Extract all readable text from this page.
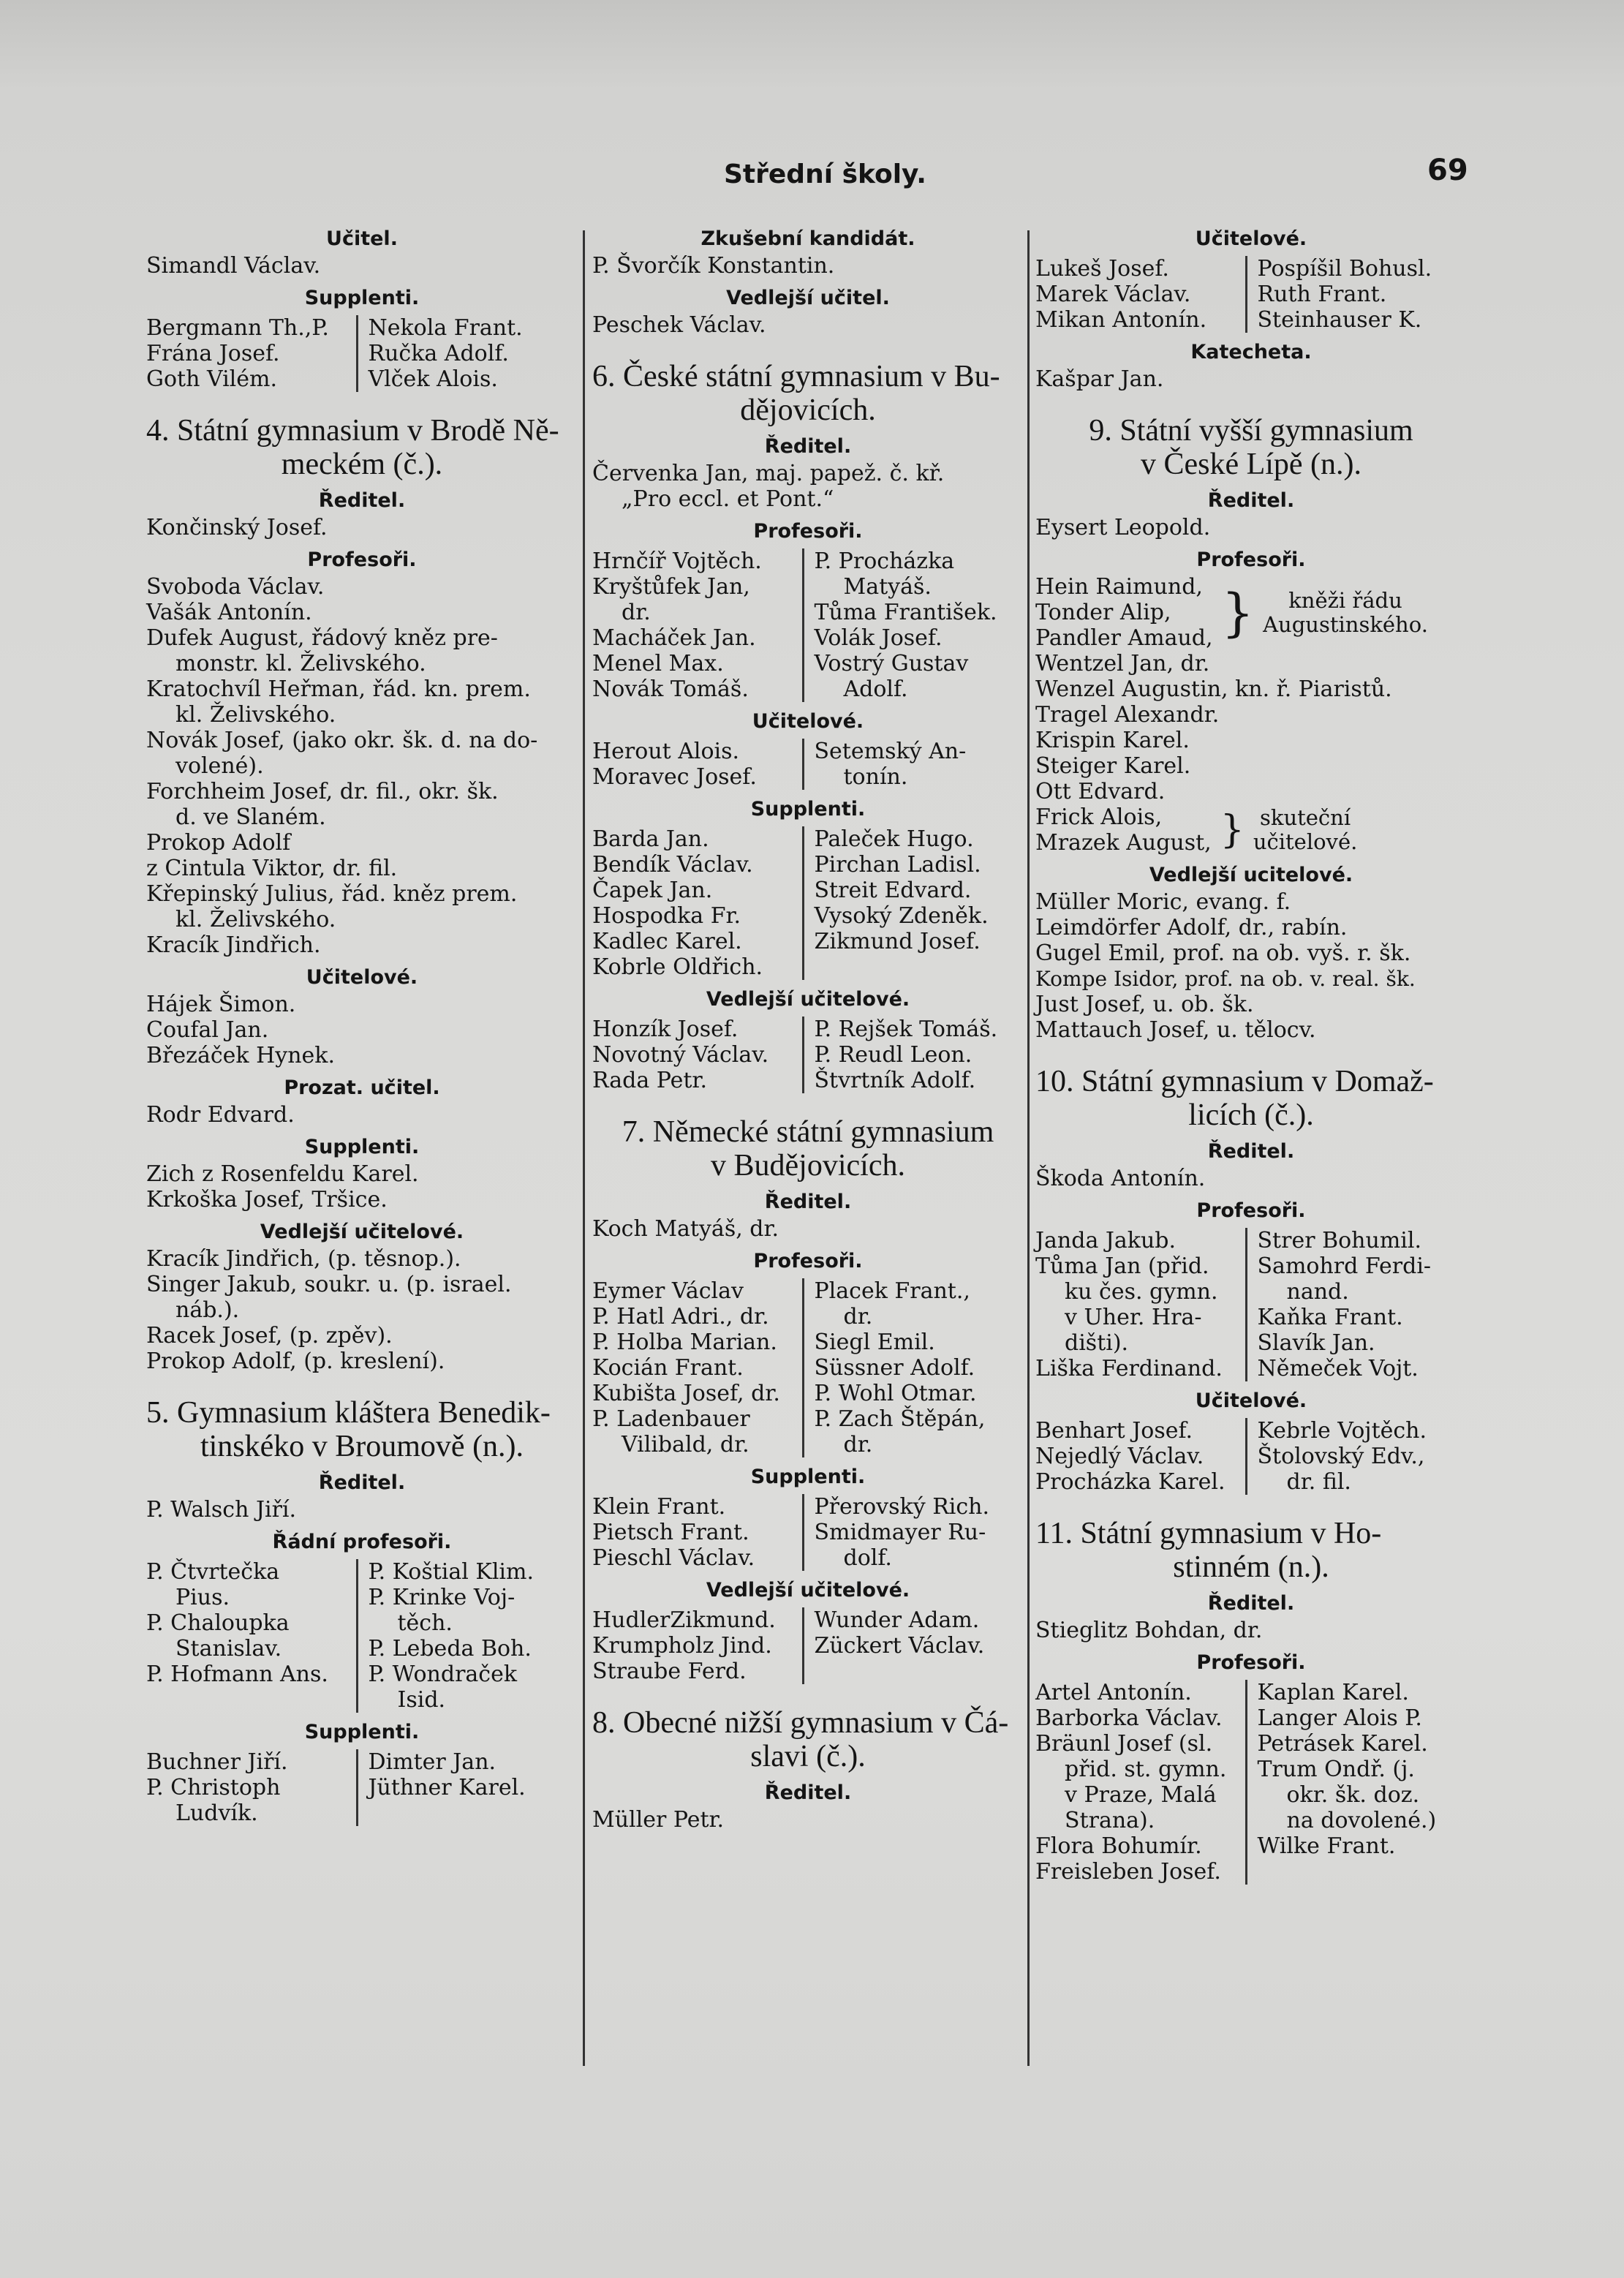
Střední školy.	69
Učitel.
Simandl Václav.
Supplenti.
Bergmann Th.,P.
Frána Josef.
Goth Vilém.
Nekola Frant.
Ručka Adolf.
Vlček Alois.
4. Státní gymnasium v Brodě Ně-
meckém (č.).
Ředitel.
Končinský Josef.
Profesoři.
Svoboda Václav.
Vašák Antonín.
Dufek August, řádový kněz pre-
monstr. kl. Želivského.
Kratochvíl Heřman, řád. kn. prem.
kl. Želivského.
Novák Josef, (jako okr. šk. d. na do-
volené).
Forchheim Josef, dr. fil., okr. šk.
d. ve Slaném.
Prokop Adolf
z Cintula Viktor, dr. fil.
Křepinský Julius, řád. kněz prem.
kl. Želivského.
Kracík Jindřich.
Učitelové.
Hájek Šimon.
Coufal Jan.
Březáček Hynek.
Prozat. učitel.
Rodr Edvard.
Supplenti.
Zich z Rosenfeldu Karel.
Krkoška Josef, Tršice.
Vedlejší učitelové.
Kracík Jindřich, (p. těsnop.).
Singer Jakub, soukr. u. (p. israel.
náb.).
Racek Josef, (p. zpěv).
Prokop Adolf, (p. kreslení).
5. Gymnasium kláštera Benedik-
tinskéko v Broumově (n.).
Ředitel.
P. Walsch Jiří.
Řádní profesoři.
P. Čtvrtečka
Pius.
P. Chaloupka
Stanislav.
P. Hofmann Ans.
P. Koštial Klim.
P. Krinke Voj-
těch.
P. Lebeda Boh.
P. Wondraček
Isid.
Supplenti.
Buchner Jiří.
P. Christoph
Ludvík.
Dimter Jan.
Jüthner Karel.
Zkušební kandidát.
P. Švorčík Konstantin.
Vedlejší učitel.
Peschek Václav.
6. České státní gymnasium v Bu-
dějovicích.
Ředitel.
Červenka Jan, maj. papež. č. kř.
„Pro eccl. et Pont.“
Profesoři.
Hrnčíř Vojtěch.
Kryštůfek Jan,
dr.
Macháček Jan.
Menel Max.
Novák Tomáš.
P. Procházka
Matyáš.
Tůma František.
Volák Josef.
Vostrý Gustav
Adolf.
Učitelové.
Herout Alois.
Moravec Josef.
Setemský An-
tonín.
Supplenti.
Barda Jan.
Bendík Václav.
Čapek Jan.
Hospodka Fr.
Kadlec Karel.
Kobrle Oldřich.
Paleček Hugo.
Pirchan Ladisl.
Streit Edvard.
Vysoký Zdeněk.
Zikmund Josef.
Vedlejší učitelové.
Honzík Josef.
Novotný Václav.
Rada Petr.
P. Rejšek Tomáš.
P. Reudl Leon.
Štvrtník Adolf.
7. Německé státní gymnasium
v Budějovicích.
Ředitel.
Koch Matyáš, dr.
Profesoři.
Eymer Václav
P. Hatl Adri., dr.
P. Holba Marian.
Kocián Frant.
Kubišta Josef, dr.
P. Ladenbauer
Vilibald, dr.
Placek Frant.,
dr.
Siegl Emil.
Süssner Adolf.
P. Wohl Otmar.
P. Zach Štěpán,
dr.
Supplenti.
Klein Frant.
Pietsch Frant.
Pieschl Václav.
Přerovský Rich.
Smidmayer Ru-
dolf.
Vedlejší učitelové.
HudlerZikmund.
Krumpholz Jind.
Straube Ferd.
Wunder Adam.
Zückert Václav.
8. Obecné nižší gymnasium v Čá-
slavi (č.).
Ředitel.
Müller Petr.
Učitelové.
Lukeš Josef.
Marek Václav.
Mikan Antonín.
Pospíšil Bohusl.
Ruth Frant.
Steinhauser K.
Katecheta.
Kašpar Jan.
9. Státní vyšší gymnasium
v České Lípě (n.).
Ředitel.
Eysert Leopold.
Profesoři.
Hein Raimund,
Tonder Alip,
Pandler Amaud, }	kněži řádu
Augustinského.
Wentzel Jan, dr.
Wenzel Augustin, kn. ř. Piaristů.
Tragel Alexandr.
Krispin Karel.
Steiger Karel.
Ott Edvard.
Frick Alois,
Mrazek August, } skuteční
učitelové.
Vedlejší ucitelové.
Müller Moric, evang. f.
Leimdörfer Adolf, dr., rabín.
Gugel Emil, prof. na ob. vyš. r. šk.
Kompe Isidor, prof. na ob. v. real. šk.
Just Josef, u. ob. šk.
Mattauch Josef, u. tělocv.
10. Státní gymnasium v Domaž-
licích (č.).
Ředitel.
Škoda Antonín.
Profesoři.
Janda Jakub.
Tůma Jan (přid.
ku čes. gymn.
v Uher. Hra-
dišti).
Liška Ferdinand.
Strer Bohumil.
Samohrd Ferdi-
nand.
Kaňka Frant.
Slavík Jan.
Němeček Vojt.
Učitelové.
Benhart Josef.
Nejedlý Václav.
Procházka Karel.
Kebrle Vojtěch.
Štolovský Edv.,
dr. fil.
11. Státní gymnasium v Ho-
stinném (n.).
Ředitel.
Stieglitz Bohdan, dr.
Profesoři.
Artel Antonín.
Barborka Václav.
Bräunl Josef (sl.
přid. st. gymn.
v Praze, Malá
Strana).
Flora Bohumír.
Freisleben Josef.
Kaplan Karel.
Langer Alois P.
Petrásek Karel.
Trum Ondř. (j.
okr. šk. doz.
na dovolené.)
Wilke Frant.
